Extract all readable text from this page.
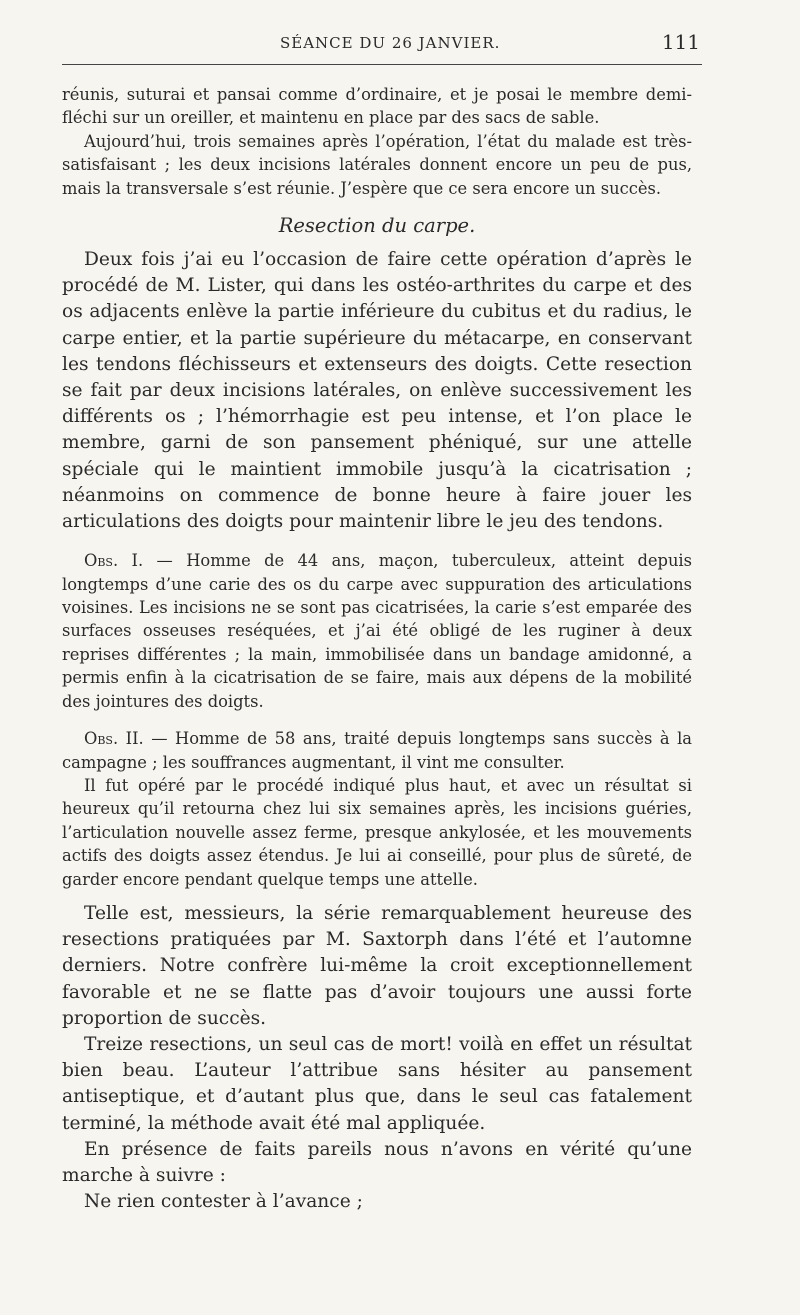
SÉANCE DU 26 JANVIER.	111

réunis, suturai et pansai comme d’ordinaire, et je posai le membre demi-fléchi sur un oreiller, et maintenu en place par des sacs de sable.

Aujourd’hui, trois semaines après l’opération, l’état du malade est très-satisfaisant ; les deux incisions latérales donnent encore un peu de pus, mais la transversale s’est réunie. J’espère que ce sera encore un succès.

Resection du carpe.

Deux fois j’ai eu l’occasion de faire cette opération d’après le procédé de M. Lister, qui dans les ostéo-arthrites du carpe et des os adjacents enlève la partie inférieure du cubitus et du radius, le carpe entier, et la partie supérieure du métacarpe, en conservant les tendons fléchisseurs et extenseurs des doigts. Cette resection se fait par deux incisions latérales, on enlève successivement les différents os ; l’hémorrhagie est peu intense, et l’on place le membre, garni de son pansement phéniqué, sur une attelle spéciale qui le maintient immobile jusqu’à la cicatrisation ; néanmoins on commence de bonne heure à faire jouer les articulations des doigts pour maintenir libre le jeu des tendons.

Obs. I. — Homme de 44 ans, maçon, tuberculeux, atteint depuis longtemps d’une carie des os du carpe avec suppuration des articulations voisines. Les incisions ne se sont pas cicatrisées, la carie s’est emparée des surfaces osseuses reséquées, et j’ai été obligé de les ruginer à deux reprises différentes ; la main, immobilisée dans un bandage amidonné, a permis enfin à la cicatrisation de se faire, mais aux dépens de la mobilité des jointures des doigts.

Obs. II. — Homme de 58 ans, traité depuis longtemps sans succès à la campagne ; les souffrances augmentant, il vint me consulter.

Il fut opéré par le procédé indiqué plus haut, et avec un résultat si heureux qu’il retourna chez lui six semaines après, les incisions guéries, l’articulation nouvelle assez ferme, presque ankylosée, et les mouvements actifs des doigts assez étendus. Je lui ai conseillé, pour plus de sûreté, de garder encore pendant quelque temps une attelle.

Telle est, messieurs, la série remarquablement heureuse des resections pratiquées par M. Saxtorph dans l’été et l’automne derniers. Notre confrère lui-même la croit exceptionnellement favorable et ne se flatte pas d’avoir toujours une aussi forte proportion de succès.

Treize resections, un seul cas de mort! voilà en effet un résultat bien beau. L’auteur l’attribue sans hésiter au pansement antiseptique, et d’autant plus que, dans le seul cas fatalement terminé, la méthode avait été mal appliquée.

En présence de faits pareils nous n’avons en vérité qu’une marche à suivre :

Ne rien contester à l’avance ;
